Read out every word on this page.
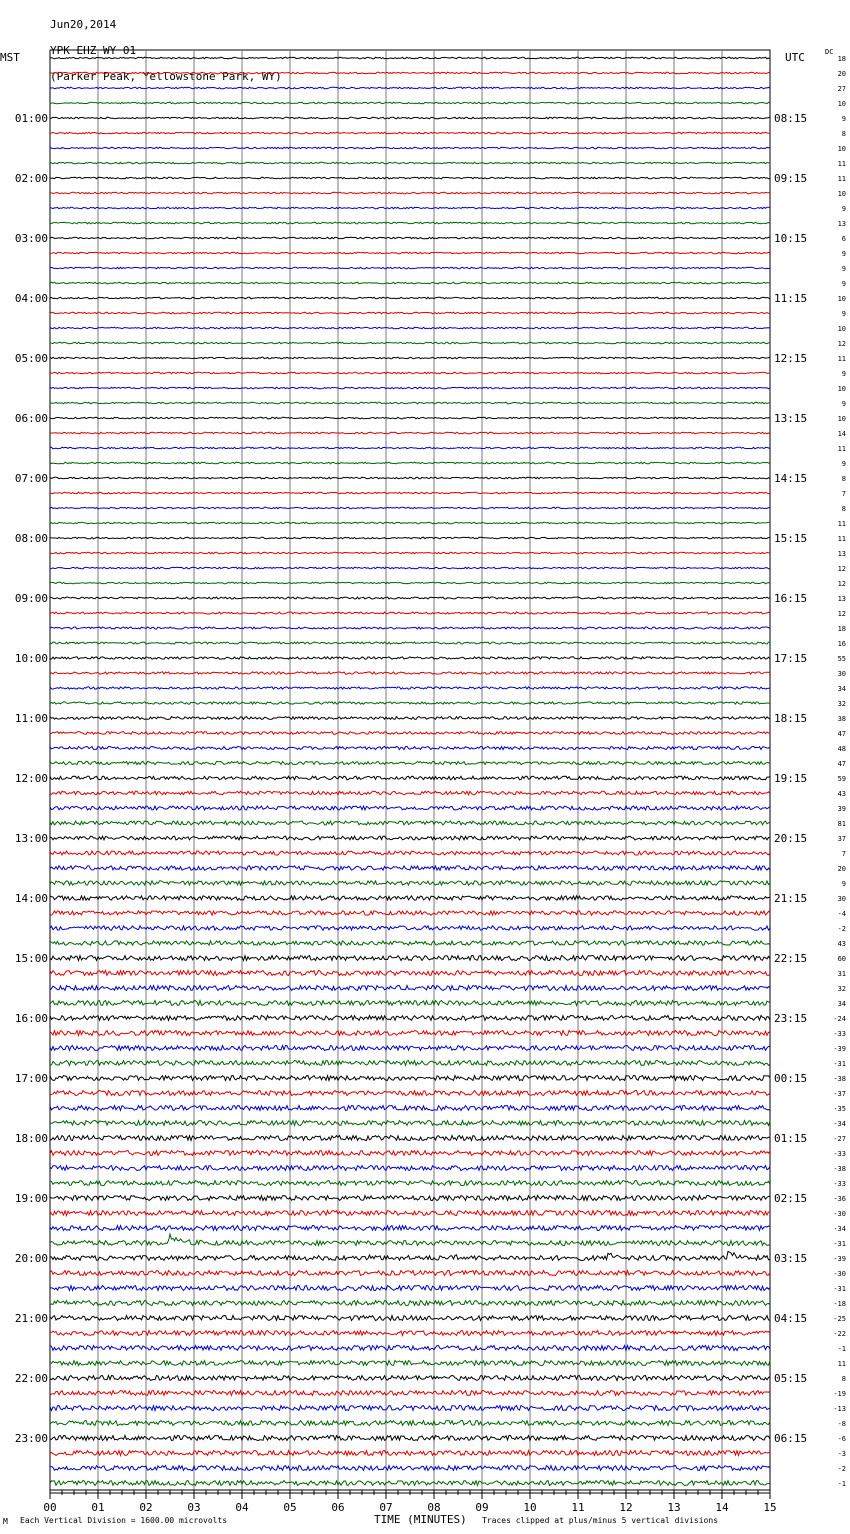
Jun20,2014

YPK EHZ WY 01

(Parker Peak, Yellowstone Park, WY)

MST	UTC	DC
18
20
27
10
9
8
10
11
11
10
9
13
6
9
9
9
10
9
10
12
11
9
10
9
10
14
11
9
8
7
8
11
11
13
12
12
13
12
18
16
55
30
34
32
38
47
48
47
59
43
39
81
37
7
20
9
30
-4
-2
43
60
31
32
34
-24
-33
-39
-31
-38
-37
-35
-34
-27
-33
-38
-33
-36
-30
-34
-31
-39
-30
-31
-18
-25
-22
-1
11
8
-19
-13
-8
-6
-3
-2
-1
01:00
02:00
03:00
04:00
05:00
06:00
07:00
08:00
09:00
10:00
11:00
12:00
13:00
14:00
15:00
16:00
17:00
18:00
19:00
20:00
21:00
22:00
23:00
08:15
09:15
10:15
11:15
12:15
13:15
14:15
15:15
16:15
17:15
18:15
19:15
20:15
21:15
22:15
23:15
00:15
01:15
02:15
03:15
04:15
05:15
06:15
00	01	02	03	04	05	06	07	08	09	10	11	12	13	14	15
M Each Vertical Division = 1600.00 microvolts	TIME (MINUTES) Traces clipped at plus/minus 5 vertical divisions
